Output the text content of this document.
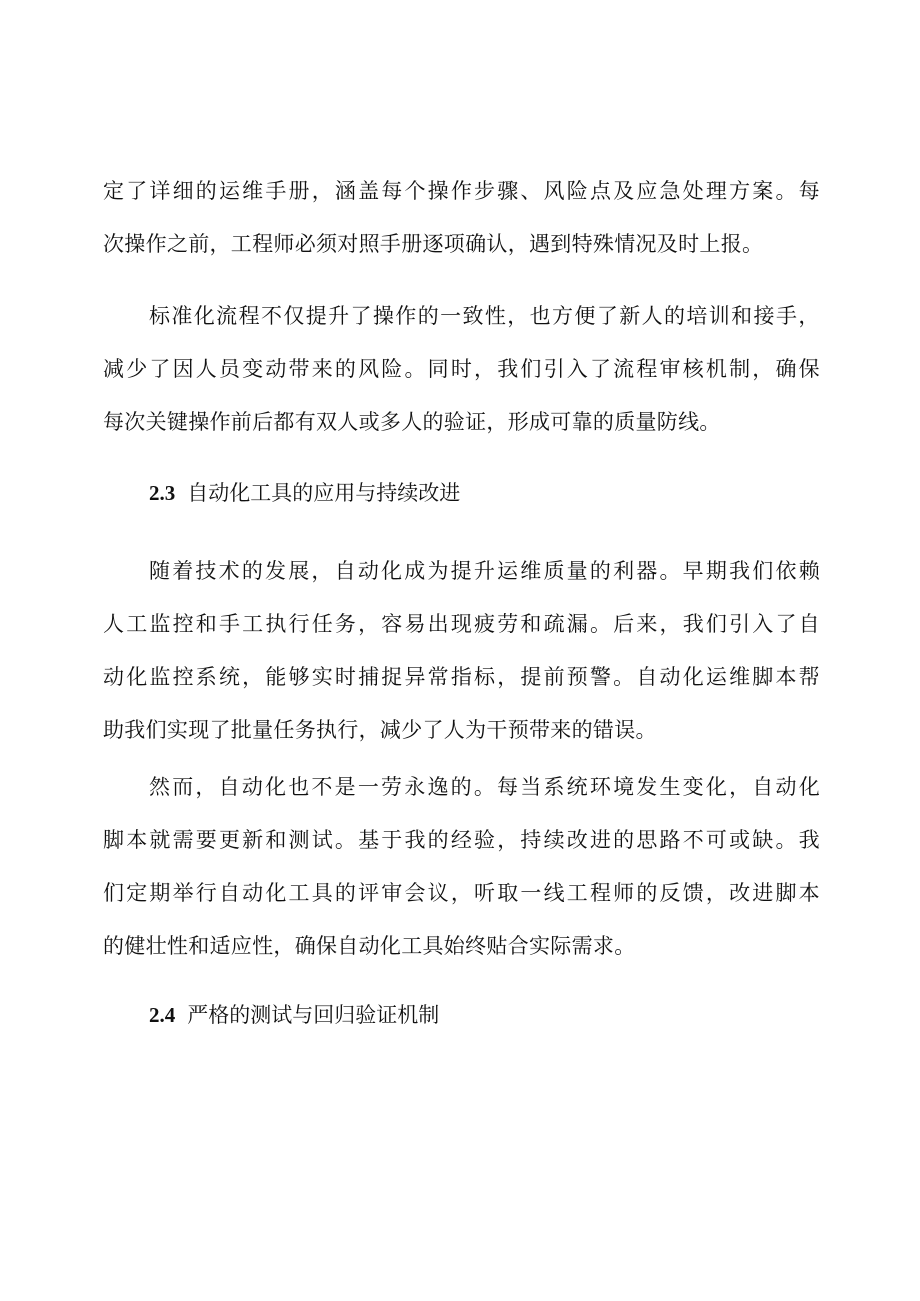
定 了 详 细 的 运 维 手 册 ， 涵 盖 每 个 操 作 步 骤 、 风 险 点 及 应 急 处 理 方 案 。 每
次操作之前，工程师必须对照手册逐项确认，遇到特殊情况及时上报。
标 准 化 流 程 不 仅 提 升 了 操 作 的 一 致 性 ， 也 方 便 了 新 人 的 培 训 和 接 手 ，
减 少 了 因 人 员 变 动 带 来 的 风 险 。 同 时 ， 我 们 引 入 了 流 程 审 核 机 制 ， 确 保
每次关键操作前后都有双人或多人的验证，形成可靠的质量防线。
2.3 自动化工具的应用与持续改进
随 着 技 术 的 发 展 ， 自 动 化 成 为 提 升 运 维 质 量 的 利 器 。 早 期 我 们 依 赖
人 工 监 控 和 手 工 执 行 任 务 ， 容 易 出 现 疲 劳 和 疏 漏 。 后 来 ， 我 们 引 入 了 自
动 化 监 控 系 统 ， 能 够 实 时 捕 捉 异 常 指 标 ， 提 前 预 警 。 自 动 化 运 维 脚 本 帮
助我们实现了批量任务执行，减少了人为干预带来的错误。
然 而 ， 自 动 化 也 不 是 一 劳 永 逸 的 。 每 当 系 统 环 境 发 生 变 化 ， 自 动 化
脚 本 就 需 要 更 新 和 测 试 。 基 于 我 的 经 验 ， 持 续 改 进 的 思 路 不 可 或 缺 。 我
们 定 期 举 行 自 动 化 工 具 的 评 审 会 议 ， 听 取 一 线 工 程 师 的 反 馈 ， 改 进 脚 本
的健壮性和适应性，确保自动化工具始终贴合实际需求。
2.4 严格的测试与回归验证机制
